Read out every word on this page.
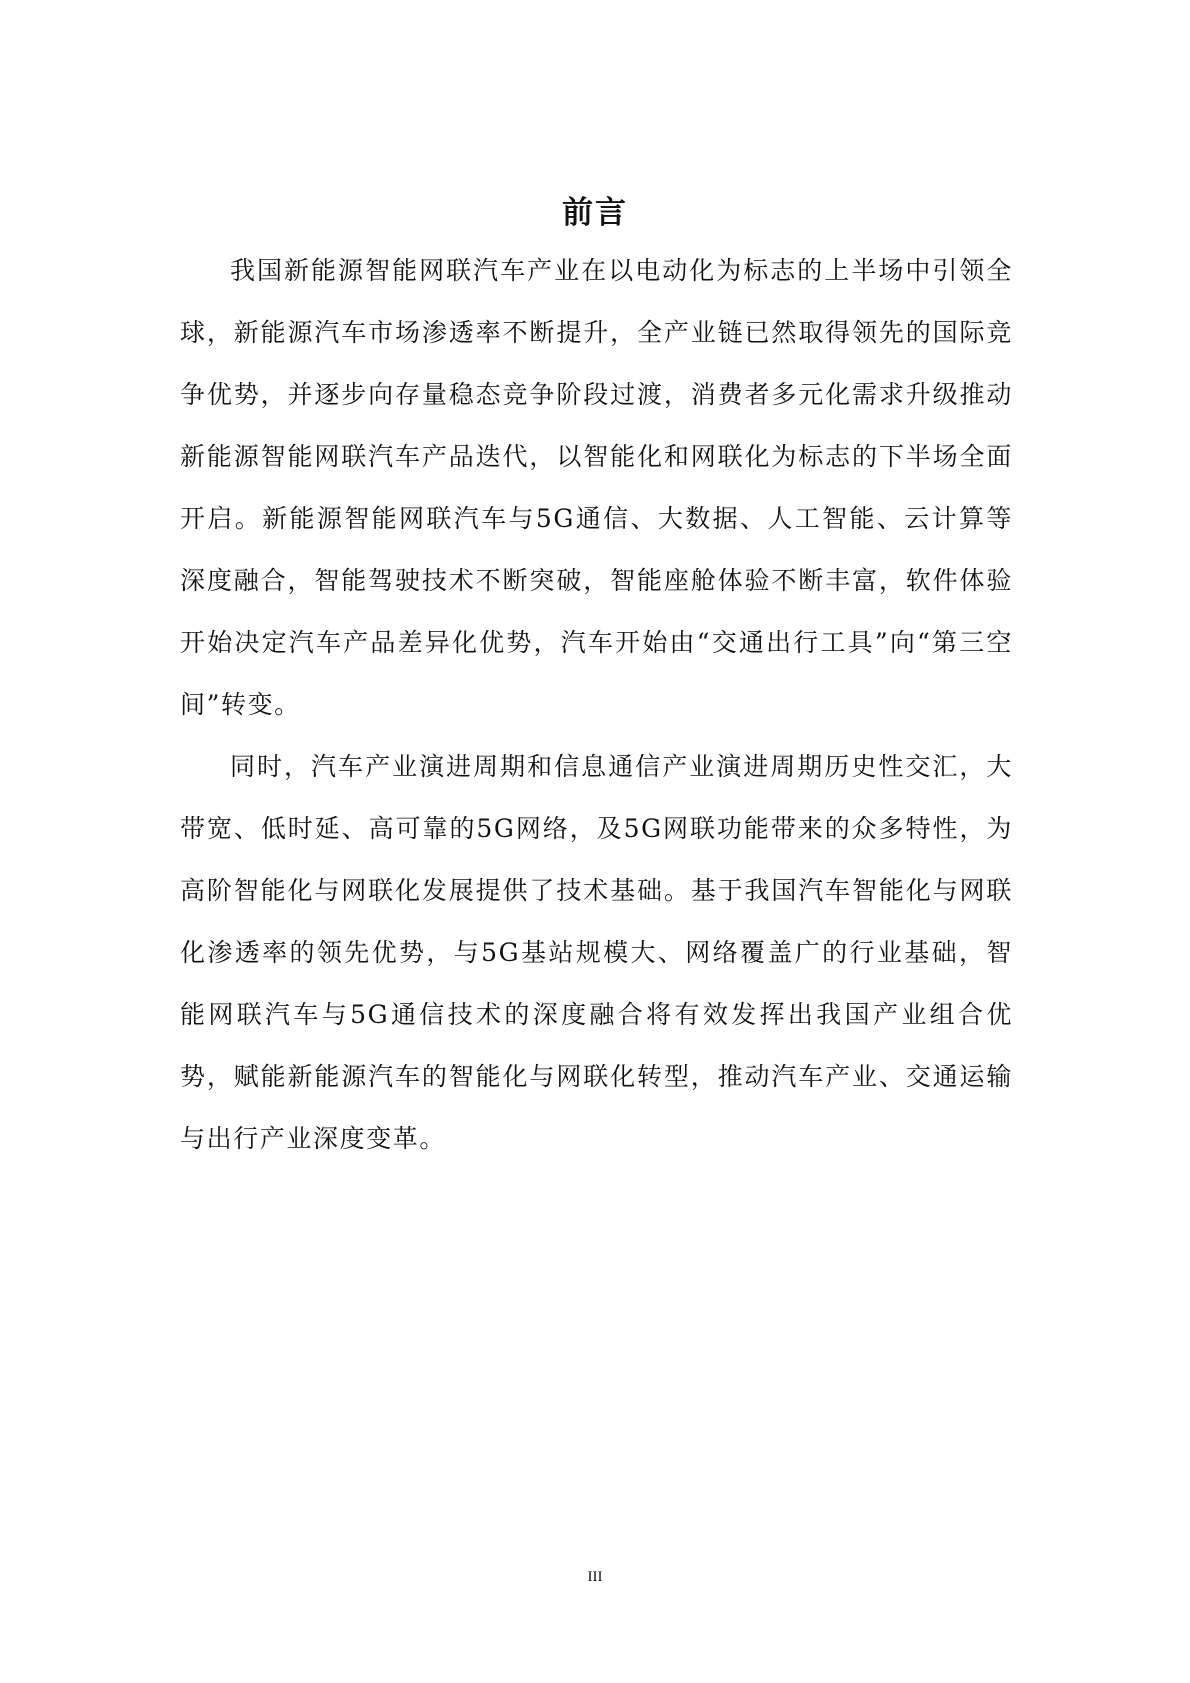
前言

我国新能源智能网联汽车产业在以电动化为标志的上半场中引领全球，新能源汽车市场渗透率不断提升，全产业链已然取得领先的国际竞争优势，并逐步向存量稳态竞争阶段过渡，消费者多元化需求升级推动新能源智能网联汽车产品迭代，以智能化和网联化为标志的下半场全面开启。新能源智能网联汽车与5G通信、大数据、人工智能、云计算等深度融合，智能驾驶技术不断突破，智能座舱体验不断丰富，软件体验开始决定汽车产品差异化优势，汽车开始由“交通出行工具”向“第三空间”转变。

同时，汽车产业演进周期和信息通信产业演进周期历史性交汇，大带宽、低时延、高可靠的5G网络，及5G网联功能带来的众多特性，为高阶智能化与网联化发展提供了技术基础。基于我国汽车智能化与网联化渗透率的领先优势，与5G基站规模大、网络覆盖广的行业基础，智能网联汽车与5G通信技术的深度融合将有效发挥出我国产业组合优势，赋能新能源汽车的智能化与网联化转型，推动汽车产业、交通运输与出行产业深度变革。

III
